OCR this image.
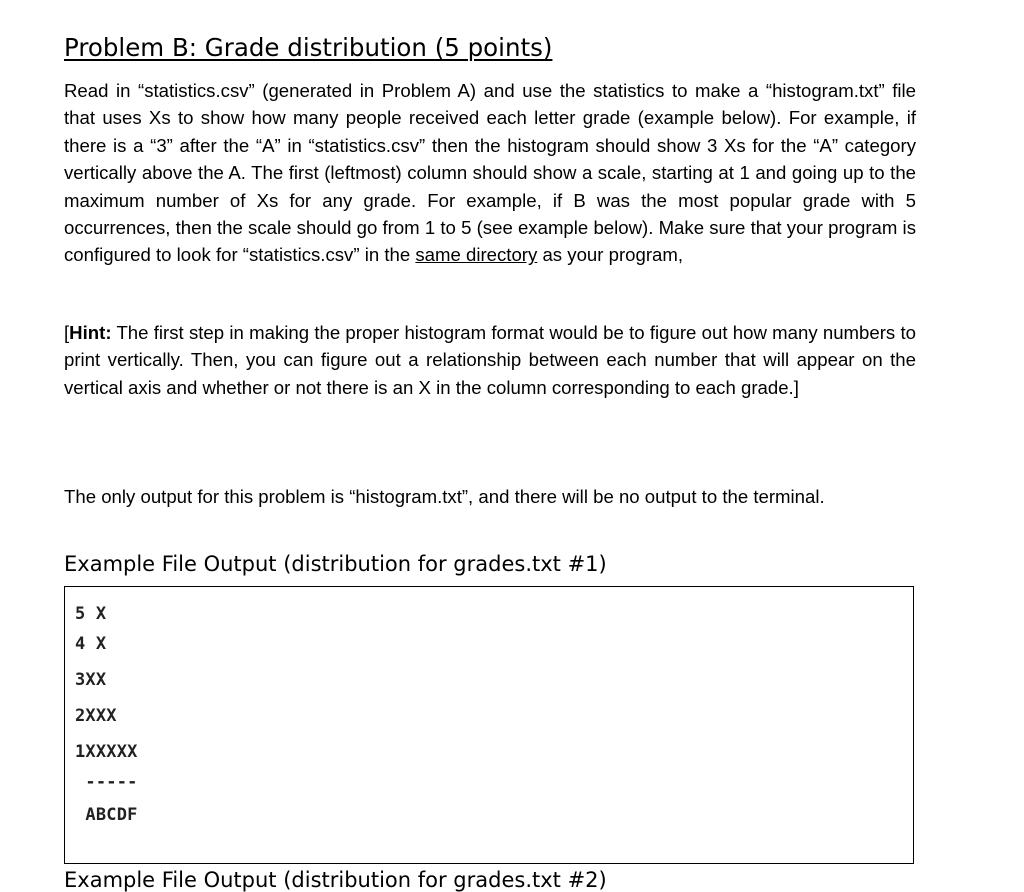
Problem B: Grade distribution (5 points)

Read in “statistics.csv” (generated in Problem A) and use the statistics to make a “histogram.txt” file that uses Xs to show how many people received each letter grade (example below). For example, if there is a “3” after the “A” in “statistics.csv” then the histogram should show 3 Xs for the “A” category vertically above the A. The first (leftmost) column should show a scale, starting at 1 and going up to the maximum number of Xs for any grade. For example, if B was the most popular grade with 5 occurrences, then the scale should go from 1 to 5 (see example below). Make sure that your program is configured to look for “statistics.csv” in the same directory as your program,

[Hint: The first step in making the proper histogram format would be to figure out how many numbers to print vertically. Then, you can figure out a relationship between each number that will appear on the vertical axis and whether or not there is an X in the column corresponding to each grade.]

The only output for this problem is “histogram.txt”, and there will be no output to the terminal.

Example File Output (distribution for grades.txt #1)
5 X
4 X
3XX
2XXX
1XXXXX
-----
ABCDF
Example File Output (distribution for grades.txt #2)
